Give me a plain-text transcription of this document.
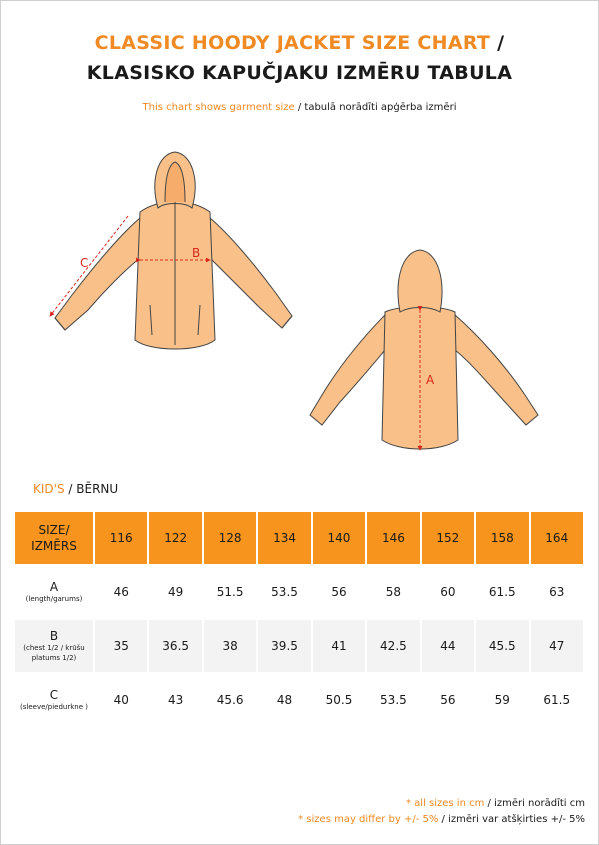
CLASSIC HOODY JACKET SIZE CHART /
KLASISKO KAPUČJAKU IZMĒRU TABULA
This chart shows garment size / tabulā norādīti apģērba izmēri
B
C
A
KID'S / BĒRNU
SIZE/
IZMĒRS	116	122	128	134	140	146	152	158	164

A
(length/garums)	46	49	51.5	53.5	56	58	60	61.5	63

B
(chest 1/2 / krūšu platums 1/2)	35	36.5	38	39.5	41	42.5	44	45.5	47

C
(sleeve/piedurkne )	40	43	45.6	48	50.5	53.5	56	59	61.5
* all sizes in cm / izmēri norādīti cm
* sizes may differ by +/- 5% / izmēri var atšķirties +/- 5%
